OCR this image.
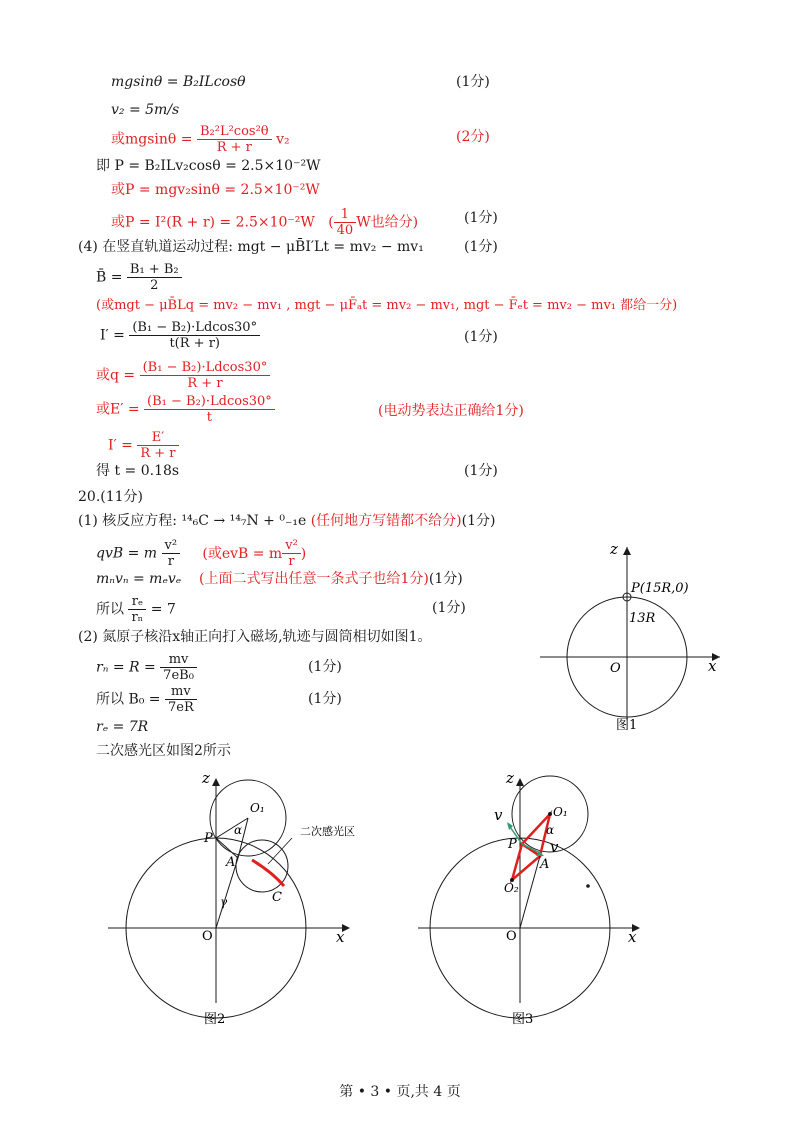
mgsinθ = B₂ILcosθ	(1分)
v₂ = 5m/s
或$mgsin\theta = \frac{\text{B₂²L²cos²θ}}{R + r} v_2$	(2分)
即 P = B₂ILv₂cosθ = 2.5×10⁻²W
或P = mgv₂sinθ = 2.5×10⁻²W
或P = I²(R + r) = 2.5×10⁻²W ( $\frac{1}{40}$ W也给分)	(1分)
(4) 在竖直轨道运动过程: mgt − μB̄I′Lt = mv₂ − mv₁	(1分)
B̄ = $\frac{\text{B₁ + B₂}}{2}$
(或mgt − μB̄Lq = mv₂ − mv₁ , mgt − μF̄ₐt = mv₂ − mv₁, mgt − F̄ₑt = mv₂ − mv₁ 都给一分)
$I' = \frac{\text{(B₁ − B₂)·Ldcos30°}}{t(R + r)}$	(1分)
或$q = \frac{\text{(B₁ − B₂)·Ldcos30°}}{R + r}$
或$E' = \frac{\text{(B₁ − B₂)·Ldcos30°}}{t}$	(电动势表达正确给1分)
$I' = \frac{E'}{R + r}$
得 t = 0.18s	(1分)
20.(11分)
(1) 核反应方程: ¹⁴₆C → ¹⁴₇N + ⁰₋₁e (任何地方写错都不给分)(1分)
qvB = m $\frac{\text{v²}}{r}$ (或evB = m $\frac{\text{v²}}{r}$ )
mₙvₙ = mₑvₑ (上面二式写出任意一条式子也给1分)(1分)
所以 $\frac{\text{rₑ}}{\text{rₙ}} = 7$	(1分)
(2) 氮原子核沿x轴正向打入磁场,轨迹与圆筒相切如图1。
$r_n = R = \frac{mv}{\text{7eB₀}}$	(1分)
所以 $B_0 = \frac{mv}{7eR}$	(1分)
rₑ = 7R
二次感光区如图2所示
z
x
O
P(15R,0)
13R
图1
z
x
O
O₁
P
A
C
α
γ
二次感光区
图2
z
x
O
O₁
O₂
P
A
v
v
α
图3
第 • 3 • 页,共 4 页
